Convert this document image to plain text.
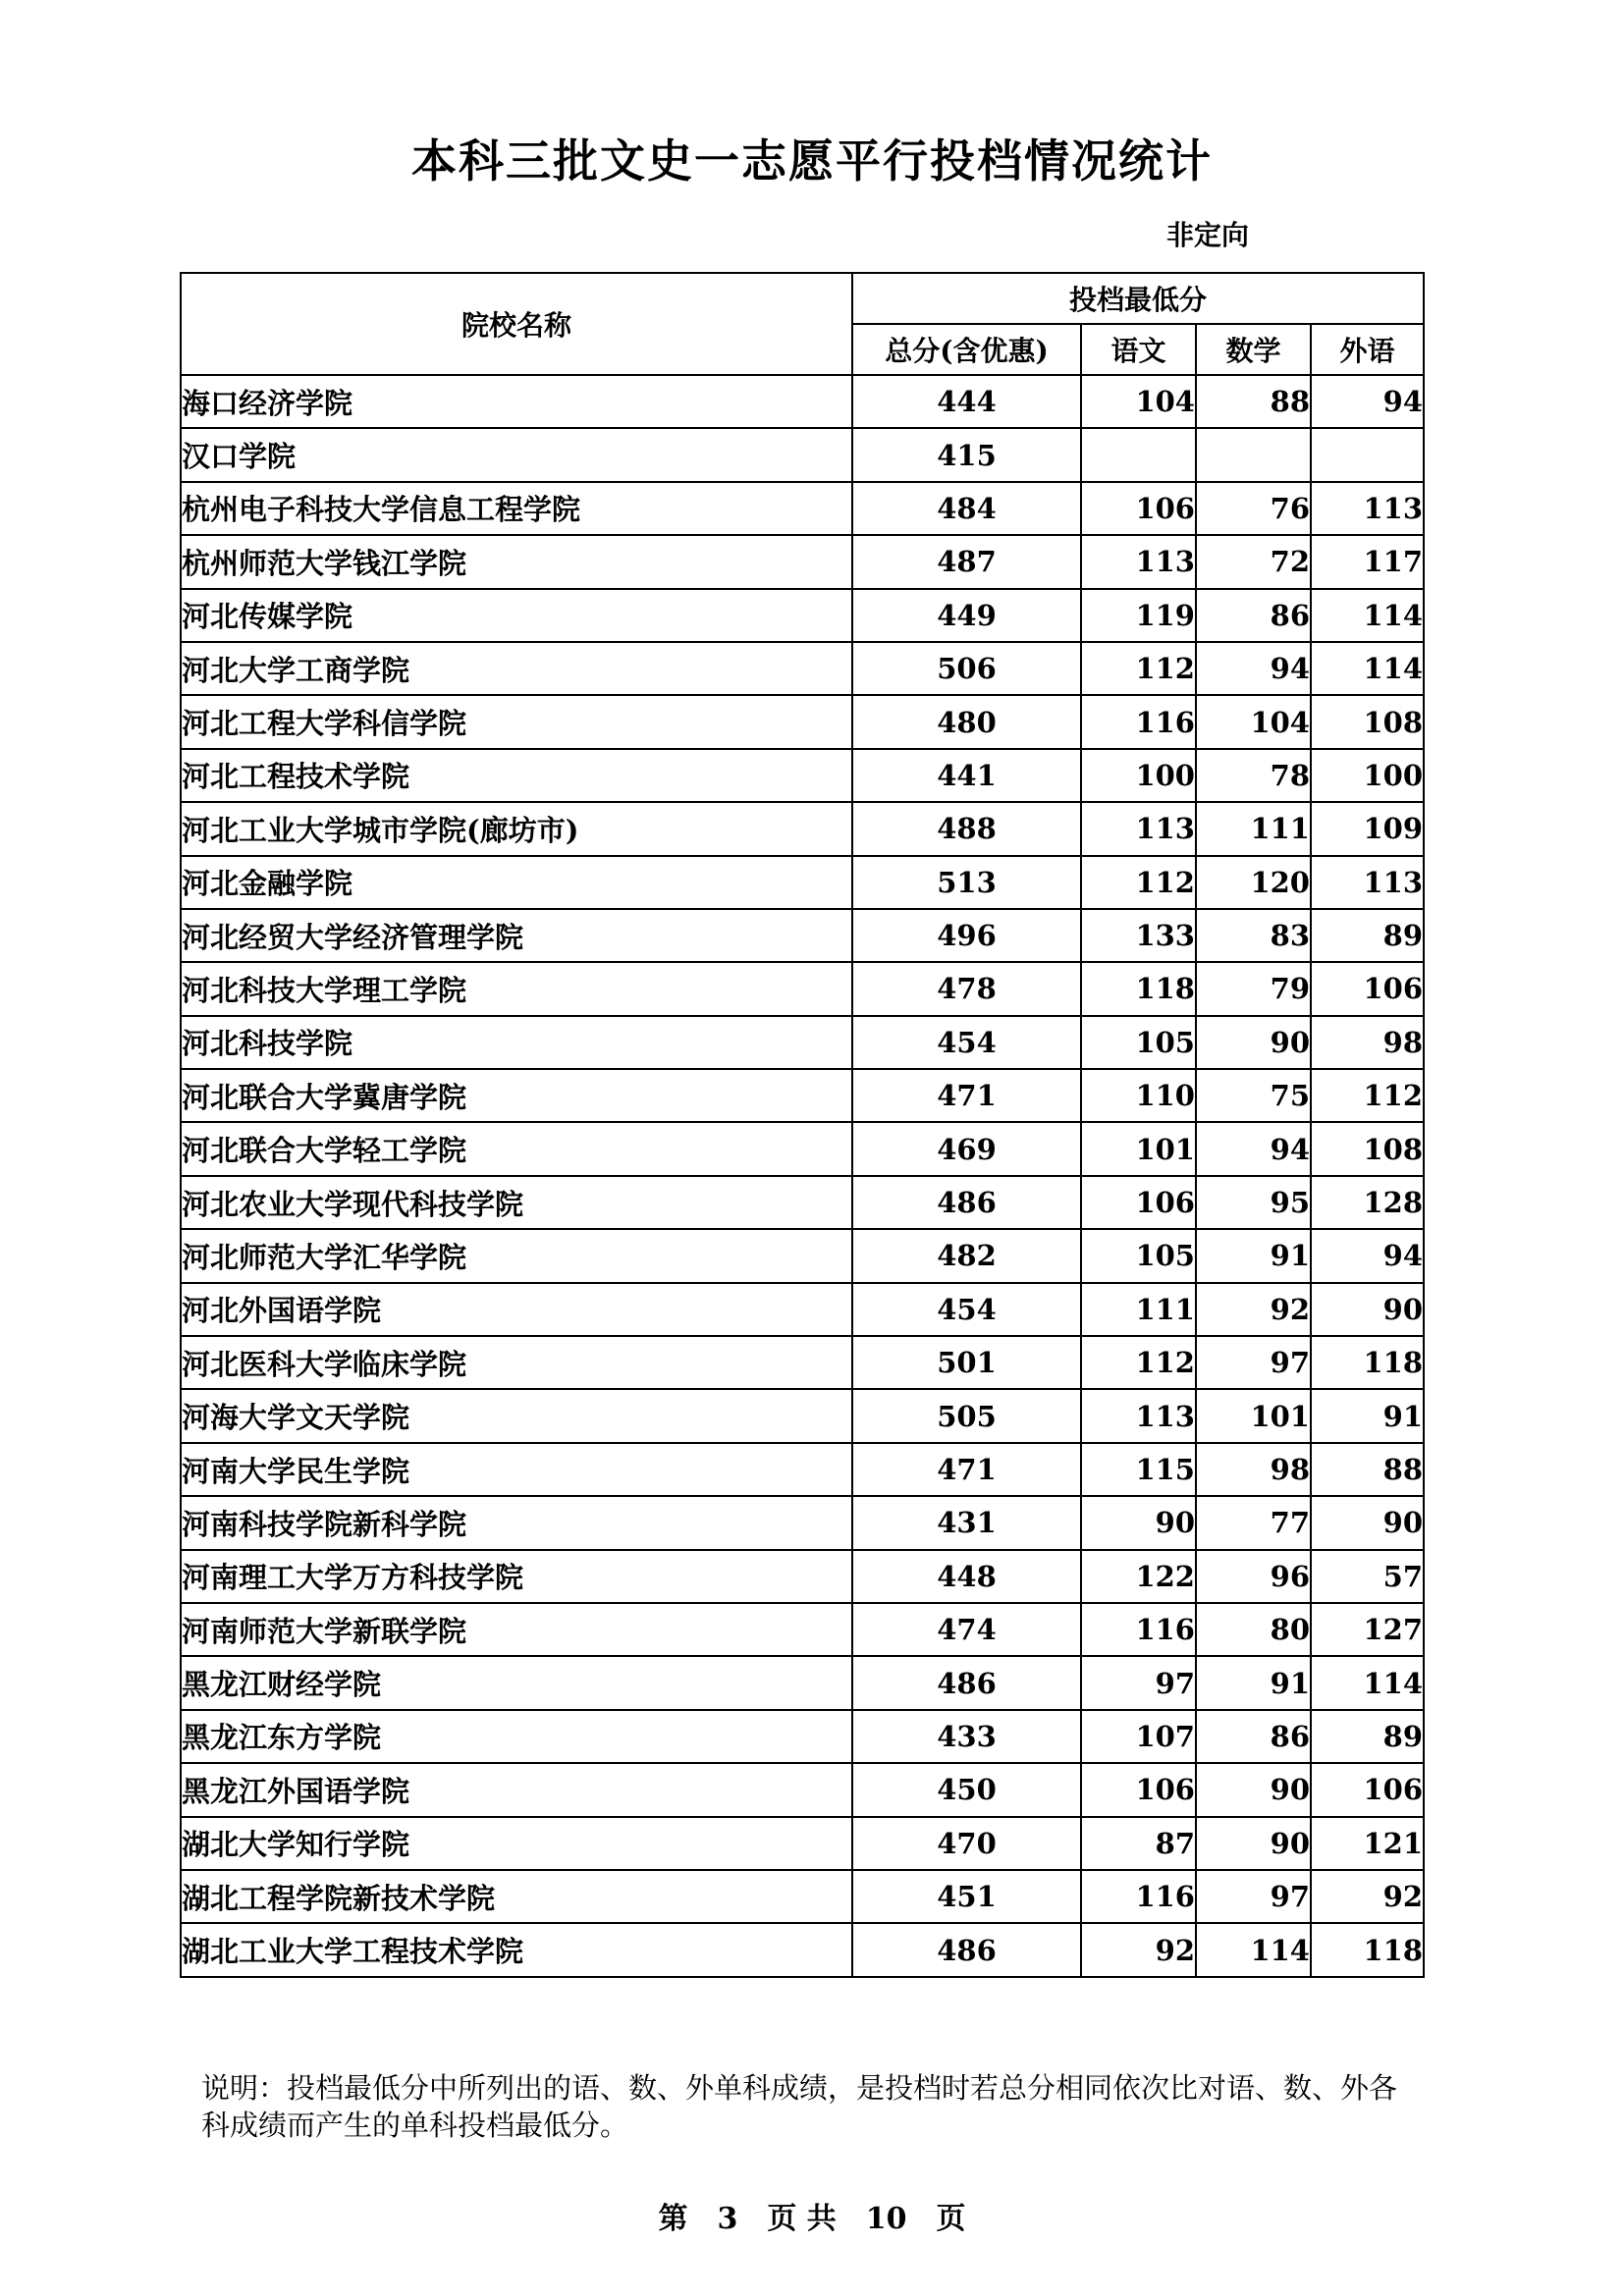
本科三批文史一志愿平行投档情况统计
非定向
院校名称	投档最低分			
	总分(含优惠)	语文	数学	外语
海口经济学院	444	104	88	94
汉口学院	415			
杭州电子科技大学信息工程学院	484	106	76	113
杭州师范大学钱江学院	487	113	72	117
河北传媒学院	449	119	86	114
河北大学工商学院	506	112	94	114
河北工程大学科信学院	480	116	104	108
河北工程技术学院	441	100	78	100
河北工业大学城市学院(廊坊市)	488	113	111	109
河北金融学院	513	112	120	113
河北经贸大学经济管理学院	496	133	83	89
河北科技大学理工学院	478	118	79	106
河北科技学院	454	105	90	98
河北联合大学冀唐学院	471	110	75	112
河北联合大学轻工学院	469	101	94	108
河北农业大学现代科技学院	486	106	95	128
河北师范大学汇华学院	482	105	91	94
河北外国语学院	454	111	92	90
河北医科大学临床学院	501	112	97	118
河海大学文天学院	505	113	101	91
河南大学民生学院	471	115	98	88
河南科技学院新科学院	431	90	77	90
河南理工大学万方科技学院	448	122	96	57
河南师范大学新联学院	474	116	80	127
黑龙江财经学院	486	97	91	114
黑龙江东方学院	433	107	86	89
黑龙江外国语学院	450	106	90	106
湖北大学知行学院	470	87	90	121
湖北工程学院新技术学院	451	116	97	92
湖北工业大学工程技术学院	486	92	114	118
说明：投档最低分中所列出的语、数、外单科成绩，是投档时若总分相同依次比对语、数、外各科成绩而产生的单科投档最低分。
第　3　页 共　10　页
